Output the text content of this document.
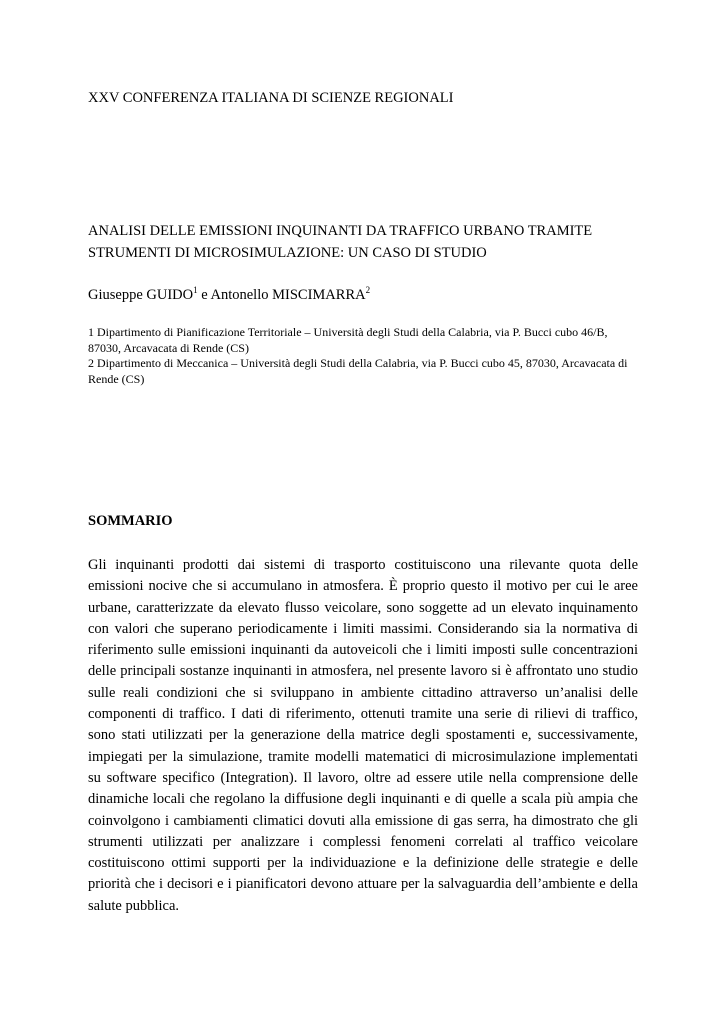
XXV CONFERENZA ITALIANA DI SCIENZE REGIONALI
ANALISI DELLE EMISSIONI INQUINANTI DA TRAFFICO URBANO TRAMITE
STRUMENTI DI MICROSIMULAZIONE: UN CASO DI STUDIO
Giuseppe GUIDO$^1$ e Antonello MISCIMARRA$^2$
1 Dipartimento di Pianificazione Territoriale – Università degli Studi della Calabria, via P. Bucci cubo 46/B,
87030, Arcavacata di Rende (CS)
2 Dipartimento di Meccanica – Università degli Studi della Calabria, via P. Bucci cubo 45, 87030, Arcavacata di
Rende (CS)
SOMMARIO
Gli inquinanti prodotti dai sistemi di trasporto costituiscono una rilevante quota delle
emissioni nocive che si accumulano in atmosfera. È proprio questo il motivo per cui le aree
urbane, caratterizzate da elevato flusso veicolare, sono soggette ad un elevato inquinamento
con valori che superano periodicamente i limiti massimi. Considerando sia la normativa di
riferimento sulle emissioni inquinanti da autoveicoli che i limiti imposti sulle concentrazioni
delle principali sostanze inquinanti in atmosfera, nel presente lavoro si è affrontato uno studio
sulle reali condizioni che si sviluppano in ambiente cittadino attraverso un’analisi delle
componenti di traffico. I dati di riferimento, ottenuti tramite una serie di rilievi di traffico,
sono stati utilizzati per la generazione della matrice degli spostamenti e, successivamente,
impiegati per la simulazione, tramite modelli matematici di microsimulazione implementati
su software specifico (Integration). Il lavoro, oltre ad essere utile nella comprensione delle
dinamiche locali che regolano la diffusione degli inquinanti e di quelle a scala più ampia che
coinvolgono i cambiamenti climatici dovuti alla emissione di gas serra, ha dimostrato che gli
strumenti utilizzati per analizzare i complessi fenomeni correlati al traffico veicolare
costituiscono ottimi supporti per la individuazione e la definizione delle strategie e delle
priorità che i decisori e i pianificatori devono attuare per la salvaguardia dell’ambiente e della
salute pubblica.
